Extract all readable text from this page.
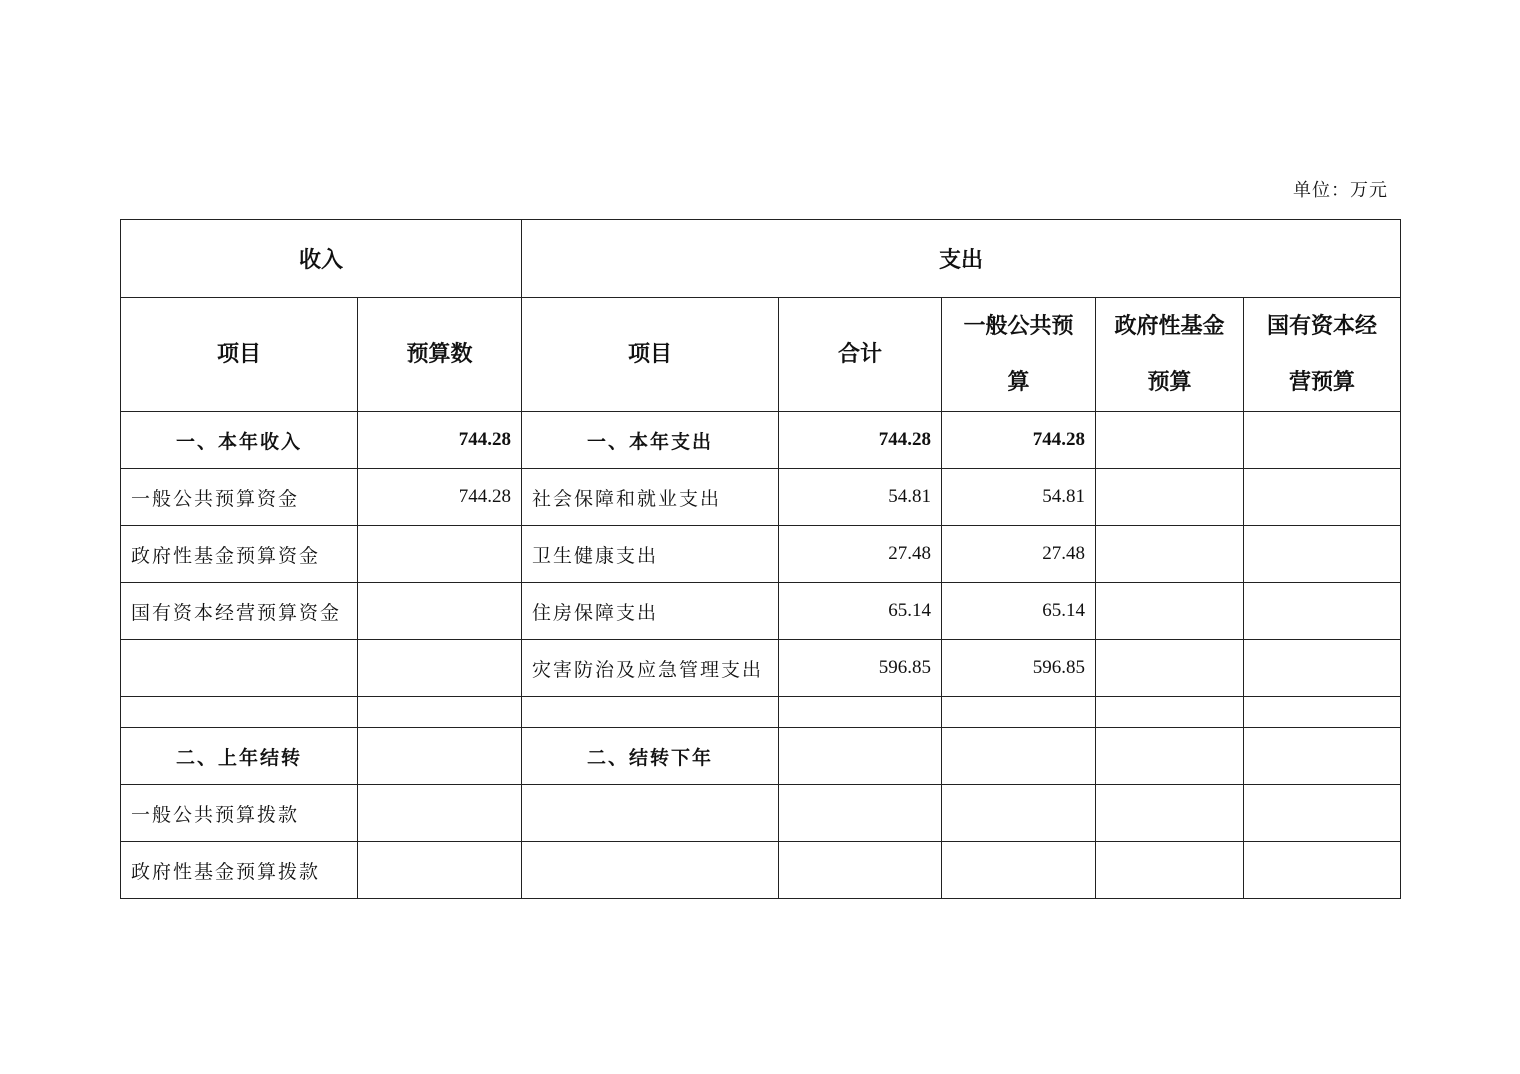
单位：万元
收入		支出				
项目	预算数	项目	合计	一般公共预算	政府性基金预算	国有资本经营预算
一、本年收入	744.28	一、本年支出	744.28	744.28		
一般公共预算资金	744.28	社会保障和就业支出	54.81	54.81		
政府性基金预算资金		卫生健康支出	27.48	27.48		
国有资本经营预算资金		住房保障支出	65.14	65.14		
		灾害防治及应急管理支出	596.85	596.85		

二、上年结转		二、结转下年				
一般公共预算拨款						
政府性基金预算拨款						
